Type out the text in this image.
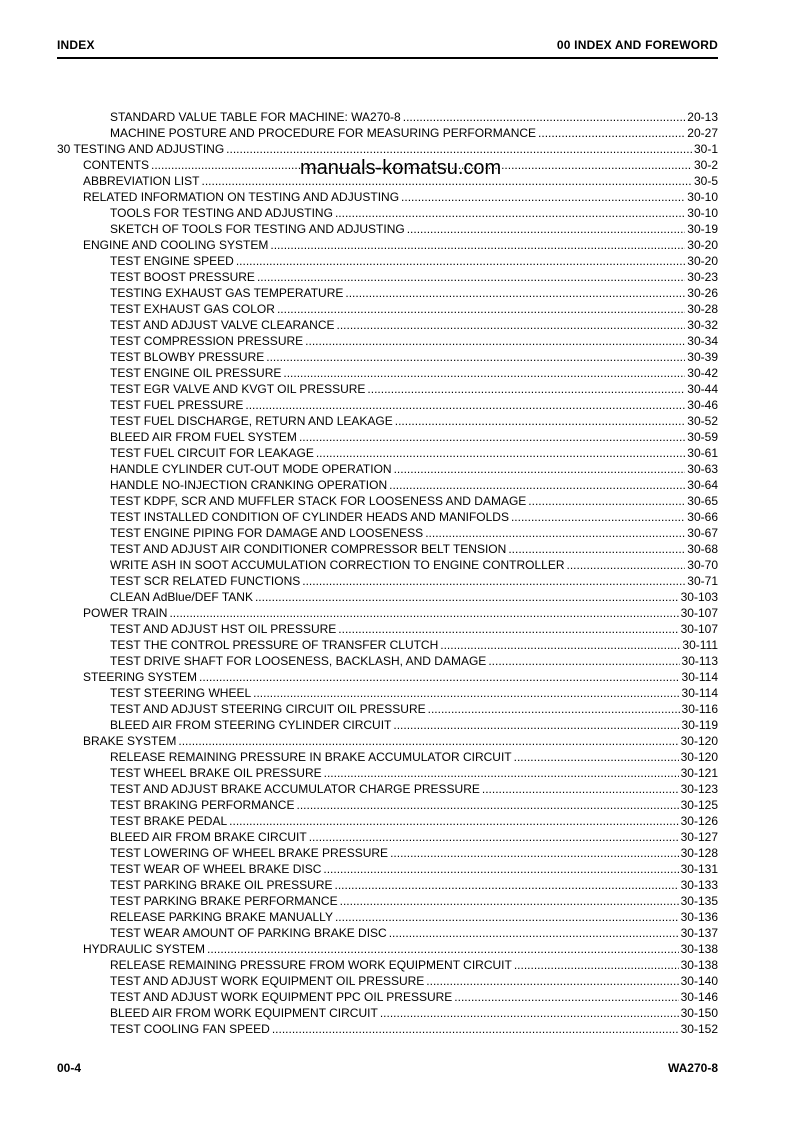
INDEX	00 INDEX AND FOREWORD
STANDARD VALUE TABLE FOR MACHINE: WA270-8 .....	20-13
MACHINE POSTURE AND PROCEDURE FOR MEASURING PERFORMANCE .....	20-27
30 TESTING AND ADJUSTING .....	30-1
CONTENTS .....	30-2
ABBREVIATION LIST .....	30-5
RELATED INFORMATION ON TESTING AND ADJUSTING .....	30-10
TOOLS FOR TESTING AND ADJUSTING .....	30-10
SKETCH OF TOOLS FOR TESTING AND ADJUSTING .....	30-19
ENGINE AND COOLING SYSTEM .....	30-20
TEST ENGINE SPEED .....	30-20
TEST BOOST PRESSURE .....	30-23
TESTING EXHAUST GAS TEMPERATURE .....	30-26
TEST EXHAUST GAS COLOR .....	30-28
TEST AND ADJUST VALVE CLEARANCE .....	30-32
TEST COMPRESSION PRESSURE .....	30-34
TEST BLOWBY PRESSURE .....	30-39
TEST ENGINE OIL PRESSURE .....	30-42
TEST EGR VALVE AND KVGT OIL PRESSURE .....	30-44
TEST FUEL PRESSURE .....	30-46
TEST FUEL DISCHARGE, RETURN AND LEAKAGE .....	30-52
BLEED AIR FROM FUEL SYSTEM .....	30-59
TEST FUEL CIRCUIT FOR LEAKAGE .....	30-61
HANDLE CYLINDER CUT-OUT MODE OPERATION .....	30-63
HANDLE NO-INJECTION CRANKING OPERATION .....	30-64
TEST KDPF, SCR AND MUFFLER STACK FOR LOOSENESS AND DAMAGE .....	30-65
TEST INSTALLED CONDITION OF CYLINDER HEADS AND MANIFOLDS .....	30-66
TEST ENGINE PIPING FOR DAMAGE AND LOOSENESS .....	30-67
TEST AND ADJUST AIR CONDITIONER COMPRESSOR BELT TENSION .....	30-68
WRITE ASH IN SOOT ACCUMULATION CORRECTION TO ENGINE CONTROLLER .....	30-70
TEST SCR RELATED FUNCTIONS .....	30-71
CLEAN AdBlue/DEF TANK .....	30-103
POWER TRAIN .....	30-107
TEST AND ADJUST HST OIL PRESSURE .....	30-107
TEST THE CONTROL PRESSURE OF TRANSFER CLUTCH .....	30-111
TEST DRIVE SHAFT FOR LOOSENESS, BACKLASH, AND DAMAGE .....	30-113
STEERING SYSTEM .....	30-114
TEST STEERING WHEEL .....	30-114
TEST AND ADJUST STEERING CIRCUIT OIL PRESSURE .....	30-116
BLEED AIR FROM STEERING CYLINDER CIRCUIT .....	30-119
BRAKE SYSTEM .....	30-120
RELEASE REMAINING PRESSURE IN BRAKE ACCUMULATOR CIRCUIT .....	30-120
TEST WHEEL BRAKE OIL PRESSURE .....	30-121
TEST AND ADJUST BRAKE ACCUMULATOR CHARGE PRESSURE .....	30-123
TEST BRAKING PERFORMANCE .....	30-125
TEST BRAKE PEDAL .....	30-126
BLEED AIR FROM BRAKE CIRCUIT .....	30-127
TEST LOWERING OF WHEEL BRAKE PRESSURE .....	30-128
TEST WEAR OF WHEEL BRAKE DISC .....	30-131
TEST PARKING BRAKE OIL PRESSURE .....	30-133
TEST PARKING BRAKE PERFORMANCE .....	30-135
RELEASE PARKING BRAKE MANUALLY .....	30-136
TEST WEAR AMOUNT OF PARKING BRAKE DISC .....	30-137
HYDRAULIC SYSTEM .....	30-138
RELEASE REMAINING PRESSURE FROM WORK EQUIPMENT CIRCUIT .....	30-138
TEST AND ADJUST WORK EQUIPMENT OIL PRESSURE .....	30-140
TEST AND ADJUST WORK EQUIPMENT PPC OIL PRESSURE .....	30-146
BLEED AIR FROM WORK EQUIPMENT CIRCUIT .....	30-150
TEST COOLING FAN SPEED .....	30-152
manuals-komatsu.com
00-4	WA270-8
